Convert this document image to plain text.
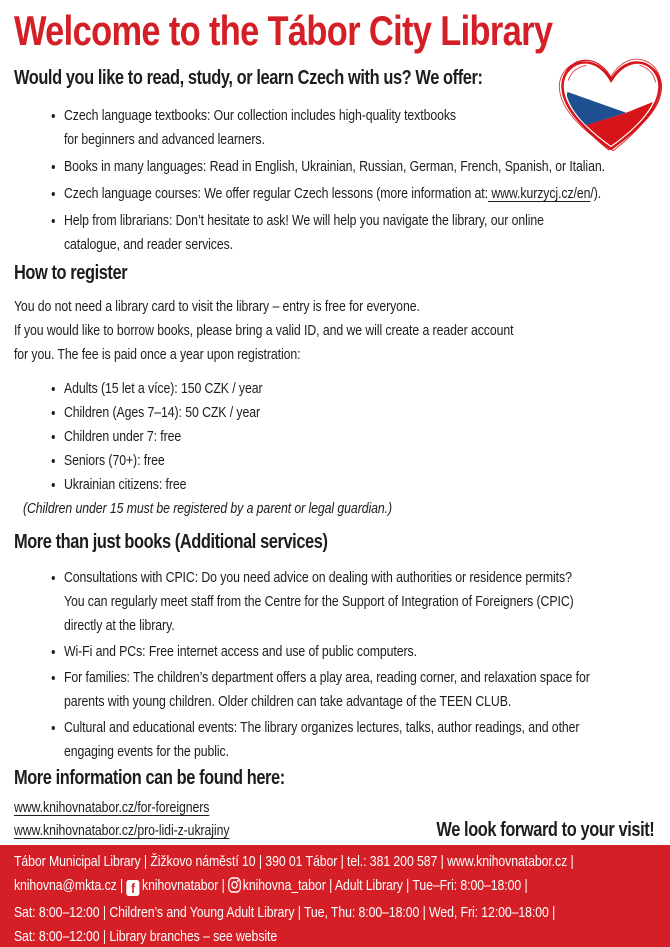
Welcome to the Tábor City Library
Would you like to read, study, or learn Czech with us? We offer:
• Czech language textbooks: Our collection includes high-quality textbooks
for beginners and advanced learners.
• Books in many languages: Read in English, Ukrainian, Russian, German, French, Spanish, or Italian.
• Czech language courses: We offer regular Czech lessons (more information at: www.kurzycj.cz/en/).
• Help from librarians: Don’t hesitate to ask! We will help you navigate the library, our online
catalogue, and reader services.
How to register
You do not need a library card to visit the library – entry is free for everyone.
If you would like to borrow books, please bring a valid ID, and we will create a reader account
for you. The fee is paid once a year upon registration:
• Adults (15 let a více): 150 CZK / year
• Children (Ages 7–14): 50 CZK / year
• Children under 7: free
• Seniors (70+): free
• Ukrainian citizens: free
(Children under 15 must be registered by a parent or legal guardian.)
More than just books (Additional services)
• Consultations with CPIC: Do you need advice on dealing with authorities or residence permits?
You can regularly meet staff from the Centre for the Support of Integration of Foreigners (CPIC)
directly at the library.
• Wi-Fi and PCs: Free internet access and use of public computers.
• For families: The children’s department offers a play area, reading corner, and relaxation space for
parents with young children. Older children can take advantage of the TEEN CLUB.
• Cultural and educational events: The library organizes lectures, talks, author readings, and other
engaging events for the public.
More information can be found here:
www.knihovnatabor.cz/for-foreigners
www.knihovnatabor.cz/pro-lidi-z-ukrajiny	We look forward to your visit!
Tábor Municipal Library | Žižkovo náměstí 10 | 390 01 Tábor | tel.: 381 200 587 | www.knihovnatabor.cz |
knihovna@mkta.cz | f knihovnatabor | knihovna_tabor | Adult Library | Tue–Fri: 8:00–18:00 |
Sat: 8:00–12:00 | Children’s and Young Adult Library | Tue, Thu: 8:00–18:00 | Wed, Fri: 12:00–18:00 |
Sat: 8:00–12:00 | Library branches – see website
